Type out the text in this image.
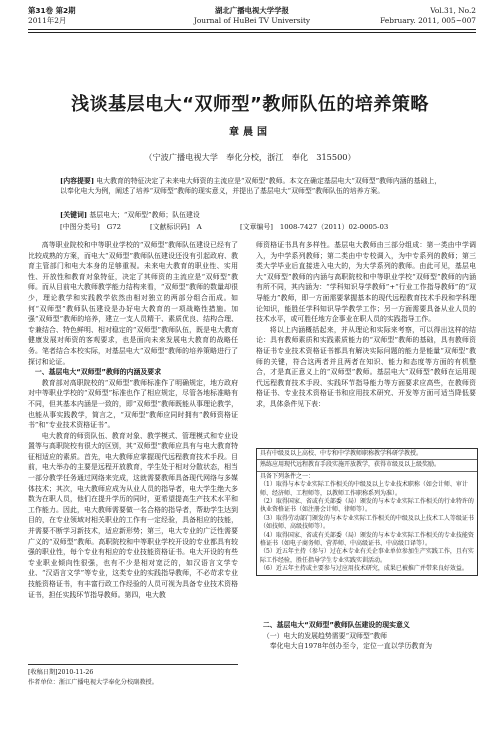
第31卷 第2期
2011年2月
湖北广播电视大学学报
Journal of HuBei TV University
Vol.31, No.2
February. 2011, 005~007
浅谈基层电大“双师型”教师队伍的培养策略
章晨国
（宁波广播电视大学　奉化分校，浙江　奉化　315500）
[内容提要] 电大教育的特征决定了未来电大师资的主流应是“双师型”教师。本文在确定基层电大“双师型”教师内涵的基础上，以奉化电大为例，阐述了培养“双师型”教师的现实意义，并提出了基层电大“双师型”教师队伍的培养方案。
[关键词] 基层电大；“双师型”教师；队伍建设
[中图分类号]　G72	[文献标识码]　A	[文章编号]　1008-7427（2011）02-0005-03

高等职业院校和中等职业学校的“双师型”教师队伍建设已经有了比较成熟的方案，而电大“双师型”教师队伍建设还没有引起政府、教育主管部门和电大本身的足够重视。未来电大教育的职业性、实用性、开放性和教育对象特征，决定了其师资的主流应是“双师型”教师。而从目前电大教师教学能力结构来看，“双师型”教师的数量却很少，理论教学和实践教学依然由相对独立的两部分组合而成。如何“双师型”教师队伍建设是办好电大教育的一项战略性措施。加强“双师型”教师的培养，建立一支人员精干、素质优良、结构合理、专兼结合、特色鲜明、相对稳定的“双师型”教师队伍，既是电大教育健康发展对师资的客观要求，也是面向未来发展电大教育的战略任务。笔者结合本校实际，对基层电大“双师型”教师的培养策略进行了探讨和论证。

一、基层电大“双师型”教师的内涵及要求

教育部对高职院校的“双师型”教师标准作了明确规定，地方政府对中等职业学校的“双师型”标准也作了相应规定，尽管各地标准略有不同，但其基本内涵是一致的，即“双师型”教师既能从事理论教学，也能从事实践教学，简言之，“双师型”教师应同时拥有“教师资格证书”和“专业技术资格证书”。

电大教育的师资队伍、教育对象、教学模式、管理模式和专业设置等与高职院校有很大的区别，其“双师型”教师应具有与电大教育特征相适应的素质。首先，电大教师应掌握现代远程教育技术手段。目前，电大举办的主要是远程开放教育，学生处于相对分散状态，相当一部分教学任务通过网络来完成，这就需要教师具备现代网络与多媒体技术；其次，电大教师应成为从业人员的指导者，电大学生绝大多数为在职人员，他们在提升学历的同时，更希望提高生产技术水平和工作能力。因此，电大教师需要做一名合格的指导者，帮助学生达到目的，在专业领域对相关职业的工作有一定经验，具备相应的技能，并需要不断学习新技术，适应新形势；第三，电大专业的广泛性需要广义的“双师型”教师。高职院校和中等职业学校开设的专业都具有较强的职业性，每个专业有相应的专业技能资格证书。电大开设的有些专业职业倾向性很强，也有不少是相对宽泛的，如汉语言文学专业、“汉语言文学”等专业，这类专业的实践指导教师，不必苛求专业技能资格证书，有丰富行政工作经验的人员可视为具备专业技术资格证书，担任实践环节指导教师。第四，电大教

师资格证书具有多样性。基层电大教师由三部分组成：第一类由中学调入，为中学系列教师；第二类由中专校调入，为中专系列的教师；第三类大学毕业后直接进入电大的，为大学系列的教师。由此可见，基层电大“双师型”教师的内涵与高职院校和中等职业学校“双师型”教师的内涵有所不同，其内涵为：“学科知识导学教师”+“行业工作指导教师”的“双导能力”教师，即一方面需要掌握基本的现代远程教育技术手段和学科理论知识，能胜任学科知识导学教学工作；另一方面需要具备从业人员的技术水平，或可胜任地方企事业在职人员的实践指导工作。

将以上内涵概括起来，并从理论和实际来考察，可以得出这样的结论：具有教师素质和实践素质能力的“双师型”教师的基础，具有教师资格证书专业技术资格证书都具有解决实际问题的能力是能量“双师型”教师的关键，符合这两者并且两者在知识、能力和态度等方面的有机整合，才是真正意义上的“双师型”教师。基层电大“双师型”教师在运用现代远程教育技术手段、实践环节指导能力等方面要求应高些，在教师资格证书、专业技术资格证书和应用技术研究、开发等方面可适当降低要求，具体条件见下表：

具有中级及以上高校、中专和中学教师职称教学科研学教授。
熟练应用现代远程教育手段实施开放教学，获得市级及以上级奖励。
具备下列条件之一：
（1）取得与本专业实际工作相关的中级及以上专业技术职称（如会计师、审计师、经济师、工程师等，以教师工作职称系列为准）。
（2）取得国家、省或有关部委（局）颁发的与本专业实际工作相关的行业特许的执业资格证书（如注册会计师、律师等）。
（3）取得劳动部门颁发的与本专业实际工作相关的中级及以上技术工人等级证书（如技师、高级技师等）。
（4）取得国家、省或有关部委（局）颁发的与本专业实际工作相关的专业技能资格证书（如电子商务师、营养师、中高级证书、中高级口译等）。
（5）近五年主持（参与）过在本专业有关企事业单位参加生产实践工作，且有实际工作经验，胜任指导学生专业实践实训活动。
（6）近五年主持或主要参与过应用技术研究，成果已被推广并带来良好效益。

二、基层电大“双师型”教师队伍建设的现实意义

（一）电大的发展趋势需要“双师型”教师

奉化电大自1978年创办至今，定位一直以学历教育为

[收稿日期]2010-11-26
作者单位：浙江广播电视大学奉化分校副教授。
